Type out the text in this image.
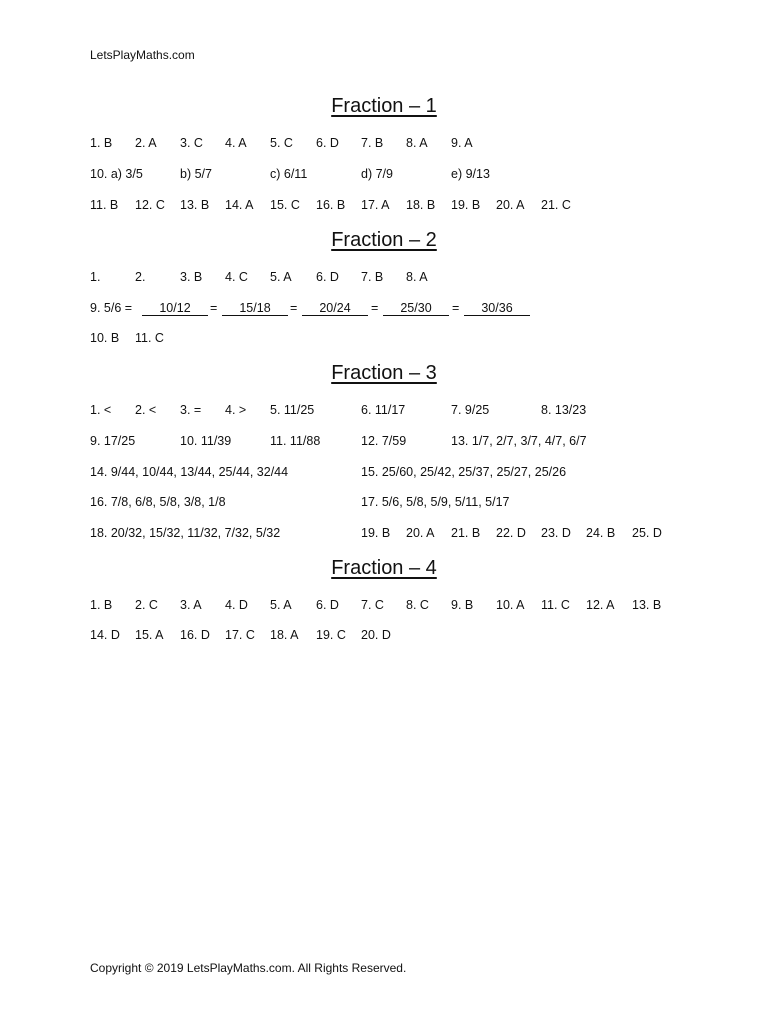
LetsPlayMaths.com
Fraction – 1
1. B 2. A 3. C 4. A 5. C 6. D 7. B 8. A 9. A
10. a) 3/5	b) 5/7	c) 6/11	d) 7/9	e) 9/13
11. B 12. C 13. B 14. A 15. C 16. B 17. A 18. B 19. B 20. A 21. C
Fraction – 2
1.	2.	3. B 4. C 5. A 6. D 7. B 8. A
9. 5/6 =	10/12	=	15/18	=	20/24	=	25/30	=	30/36
10. B 11. C
Fraction – 3
1. < 2. < 3. = 4. > 5. 11/25	6. 11/17	7. 9/25	8. 13/23
9. 17/25	10. 11/39	11. 11/88	12. 7/59	13. 1/7, 2/7, 3/7, 4/7, 6/7
14. 9/44, 10/44, 13/44, 25/44, 32/44	15. 25/60, 25/42, 25/37, 25/27, 25/26
16. 7/8, 6/8, 5/8, 3/8, 1/8	17. 5/6, 5/8, 5/9, 5/11, 5/17
18. 20/32, 15/32, 11/32, 7/32, 5/32	19. B 20. A 21. B 22. D 23. D 24. B 25. D
Fraction – 4
1. B 2. C 3. A 4. D 5. A 6. D 7. C 8. C 9. B 10. A 11. C 12. A 13. B
14. D 15. A 16. D 17. C 18. A 19. C 20. D
Copyright © 2019 LetsPlayMaths.com. All Rights Reserved.
